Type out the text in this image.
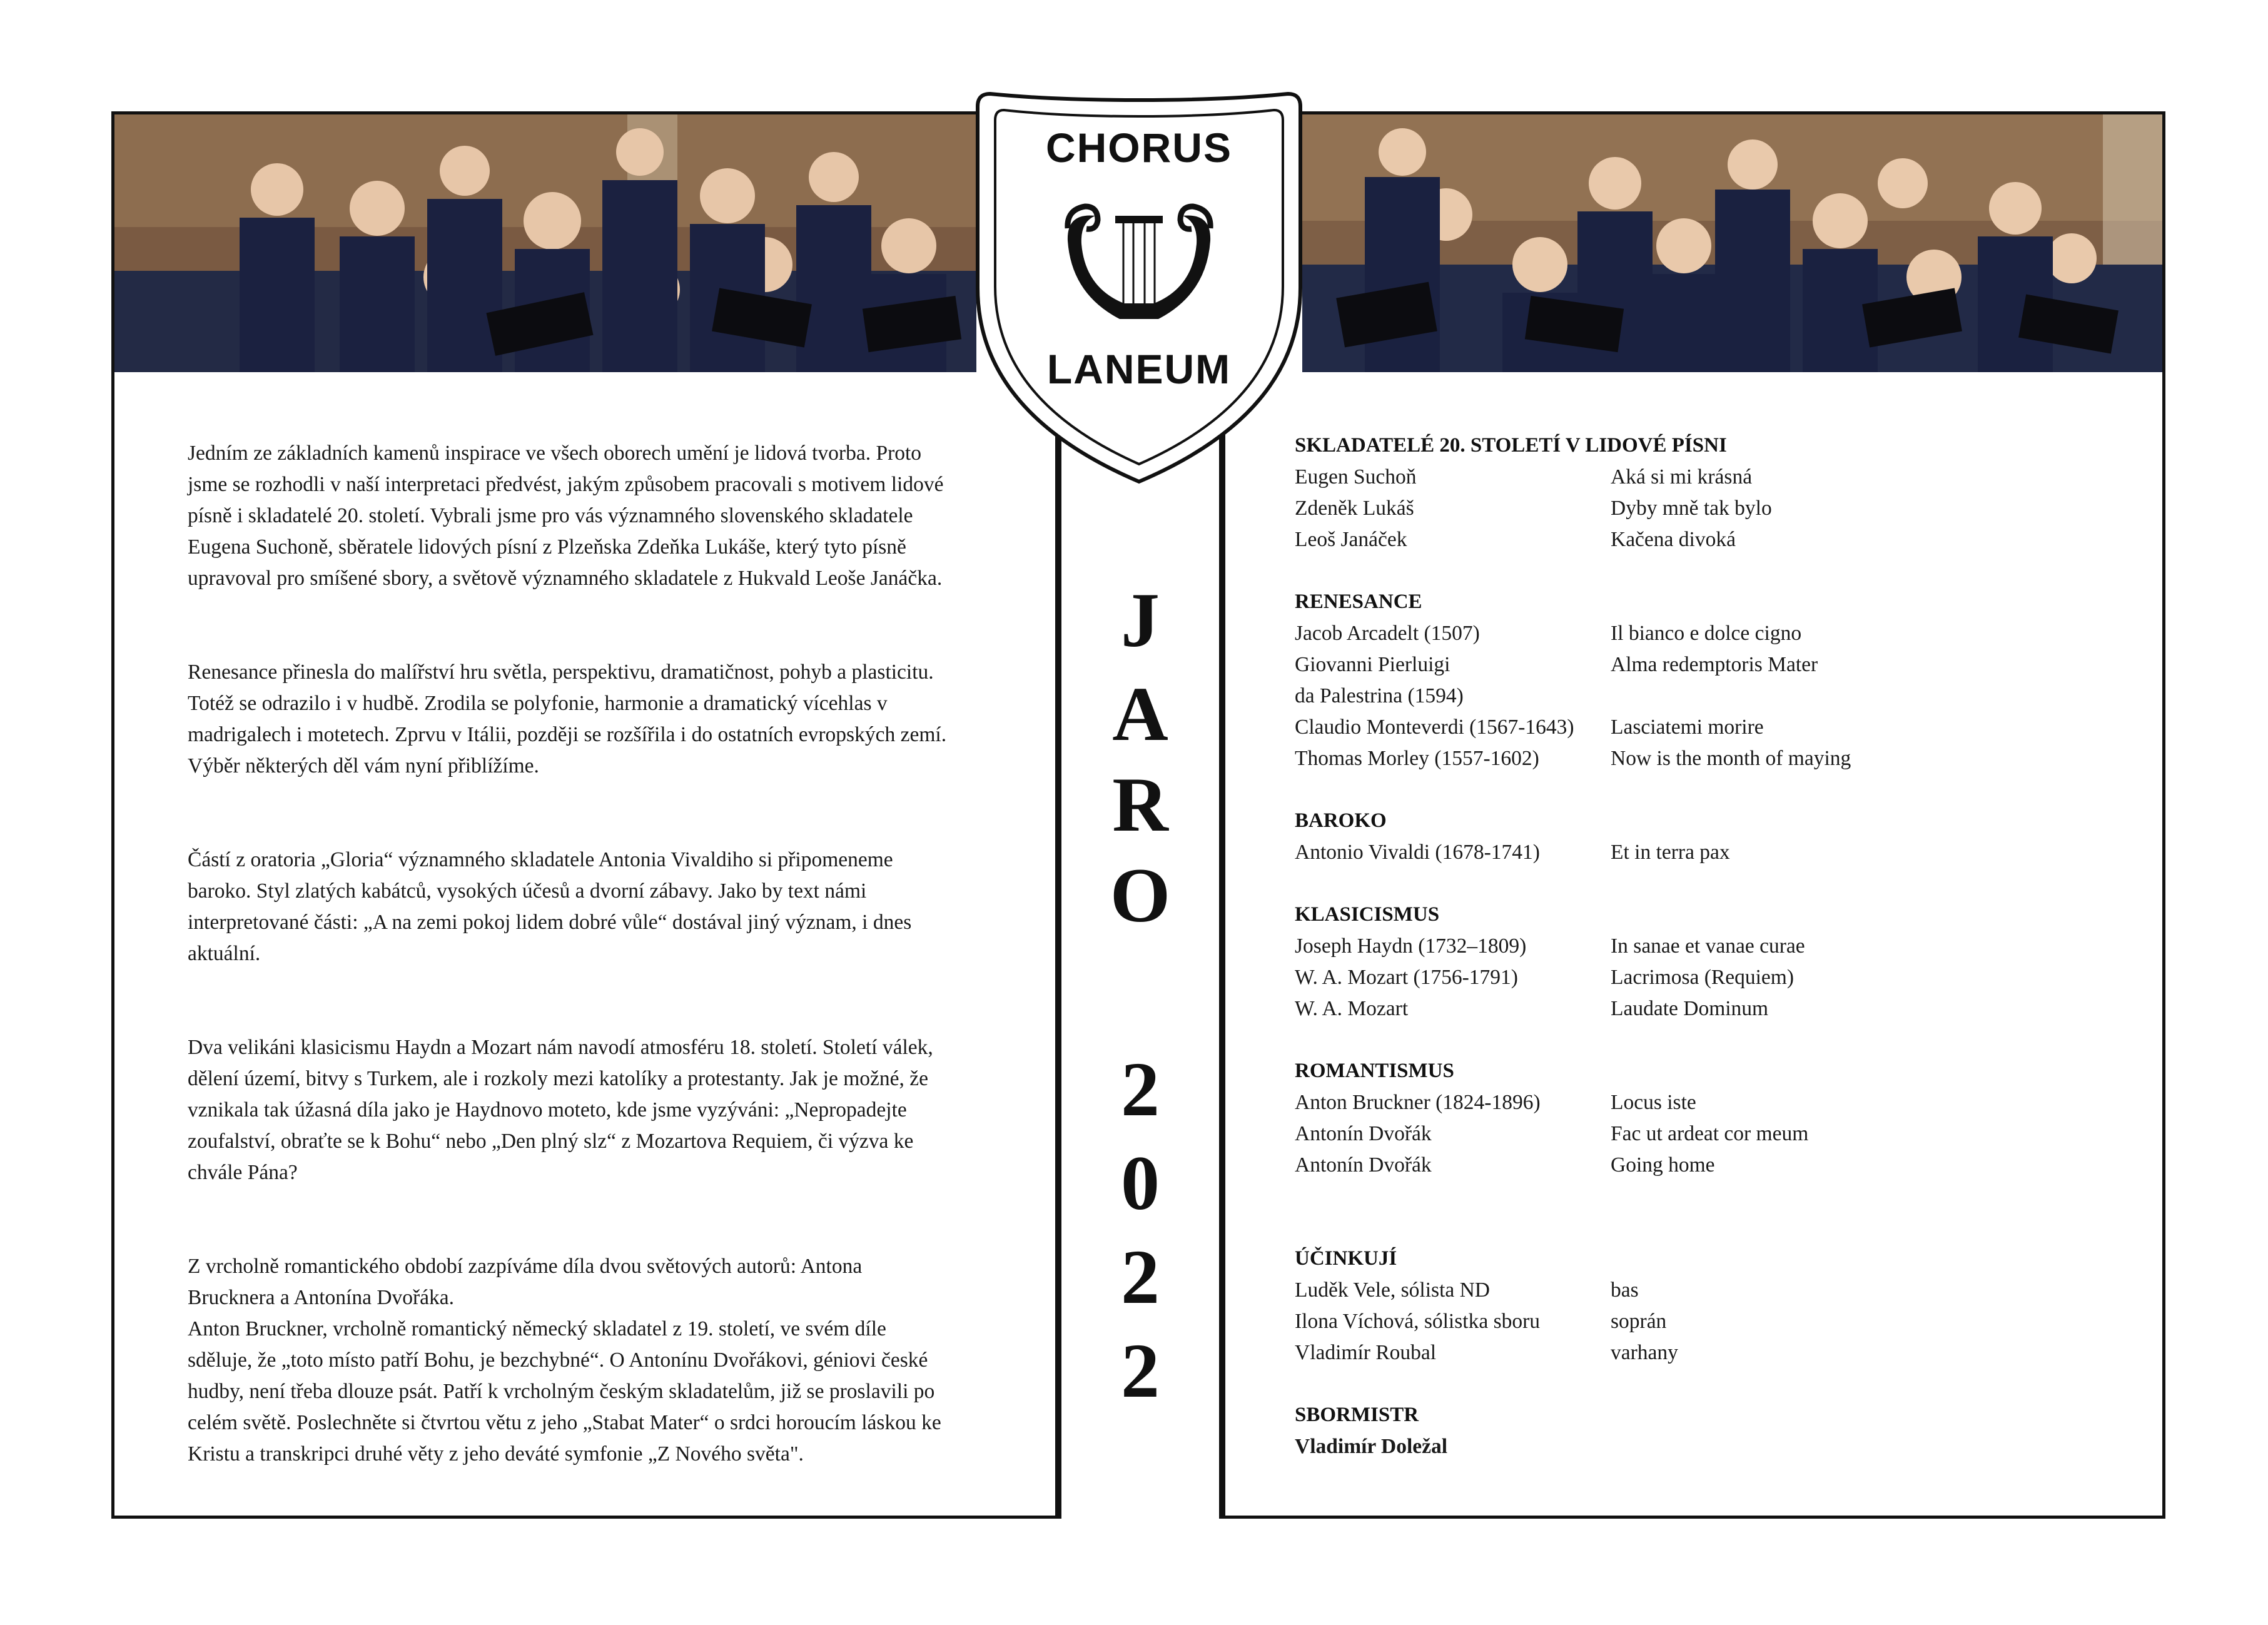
CHORUS
LANEUM
J
A
R
O
2
0
2
2

Jedním ze základních kamenů inspirace ve všech oborech umění je lidová tvorba. Proto
jsme se rozhodli v naší interpretaci předvést, jakým způsobem pracovali s motivem lidové
písně i skladatelé 20. století. Vybrali jsme pro vás významného slovenského skladatele
Eugena Suchoně, sběratele lidových písní z Plzeňska Zdeňka Lukáše, který tyto písně
upravoval pro smíšené sbory, a světově významného skladatele z Hukvald Leoše Janáčka.

Renesance přinesla do malířství hru světla, perspektivu, dramatičnost, pohyb a plasticitu.
Totéž se odrazilo i v hudbě. Zrodila se polyfonie, harmonie a dramatický vícehlas v
madrigalech i motetech. Zprvu v Itálii, později se rozšířila i do ostatních evropských zemí.
Výběr některých děl vám nyní přiblížíme.

Částí z oratoria „Gloria“ významného skladatele Antonia Vivaldiho si připomeneme
baroko. Styl zlatých kabátců, vysokých účesů a dvorní zábavy. Jako by text námi
interpretované části: „A na zemi pokoj lidem dobré vůle“ dostával jiný význam, i dnes
aktuální.

Dva velikáni klasicismu Haydn a Mozart nám navodí atmosféru 18. století. Století válek,
dělení území, bitvy s Turkem, ale i rozkoly mezi katolíky a protestanty. Jak je možné, že
vznikala tak úžasná díla jako je Haydnovo moteto, kde jsme vyzýváni: „Nepropadejte
zoufalství, obraťte se k Bohu“ nebo „Den plný slz“ z Mozartova Requiem, či výzva ke
chvále Pána?

Z vrcholně romantického období zazpíváme díla dvou světových autorů: Antona
Brucknera a Antonína Dvořáka.
Anton Bruckner, vrcholně romantický německý skladatel z 19. století, ve svém díle
sděluje, že „toto místo patří Bohu, je bezchybné“. O Antonínu Dvořákovi, géniovi české
hudby, není třeba dlouze psát. Patří k vrcholným českým skladatelům, již se proslavili po
celém světě. Poslechněte si čtvrtou větu z jeho „Stabat Mater“ o srdci horoucím láskou ke
Kristu a transkripci druhé věty z jeho deváté symfonie „Z Nového světa".

SKLADATELÉ 20. STOLETÍ V LIDOVÉ PÍSNI
Eugen Suchoň	Aká si mi krásná
Zdeněk Lukáš	Dyby mně tak bylo
Leoš Janáček	Kačena divoká
RENESANCE
Jacob Arcadelt (1507)	Il bianco e dolce cigno
Giovanni Pierluigi	Alma redemptoris Mater
da Palestrina (1594)
Claudio Monteverdi (1567-1643) Lasciatemi morire
Thomas Morley (1557-1602)	Now is the month of maying
BAROKO
Antonio Vivaldi (1678-1741)	Et in terra pax
KLASICISMUS
Joseph Haydn (1732–1809)	In sanae et vanae curae
W. A. Mozart (1756-1791)	Lacrimosa (Requiem)
W. A. Mozart	Laudate Dominum
ROMANTISMUS
Anton Bruckner (1824-1896)	Locus iste
Antonín Dvořák	Fac ut ardeat cor meum
Antonín Dvořák	Going home
ÚČINKUJÍ
Luděk Vele, sólista ND	bas
Ilona Víchová, sólistka sboru	soprán
Vladimír Roubal	varhany
SBORMISTR
Vladimír Doležal
